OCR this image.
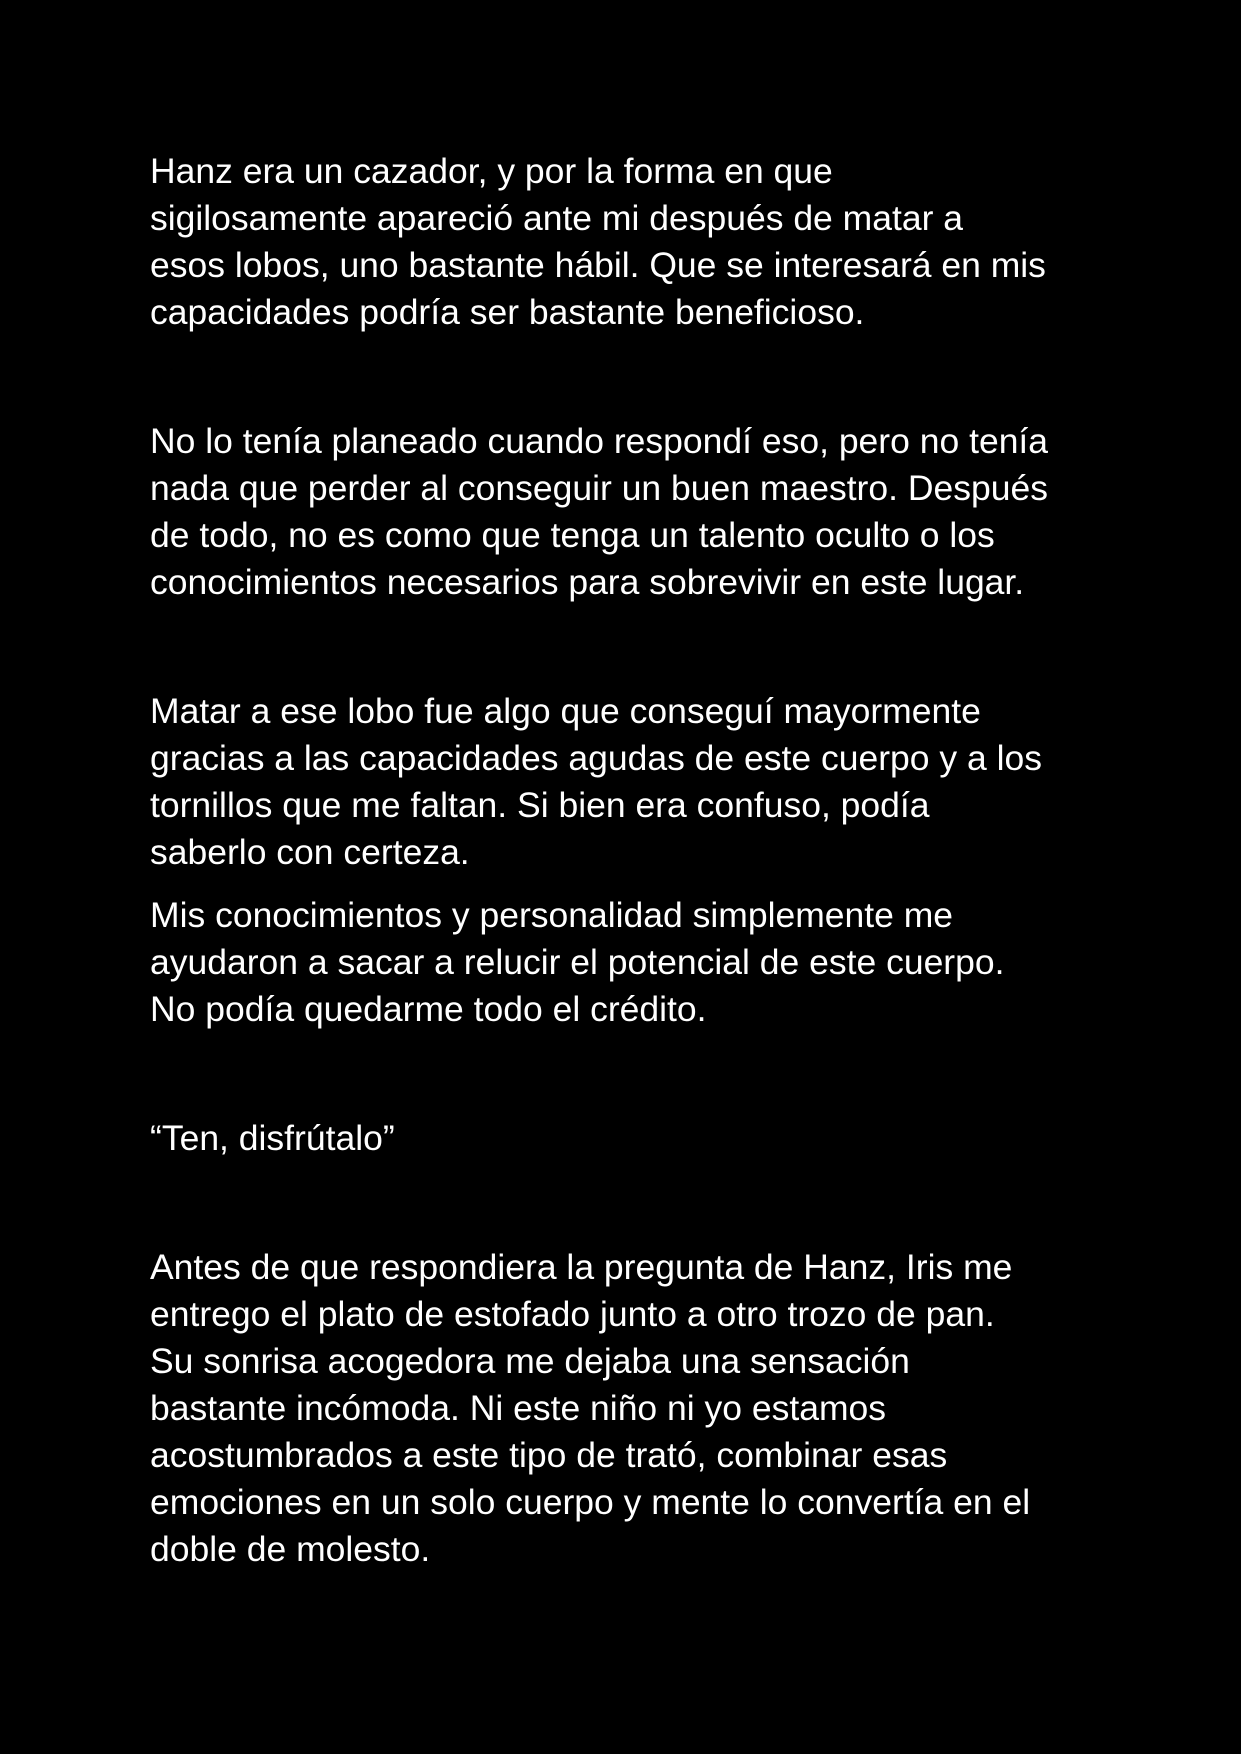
Hanz era un cazador, y por la forma en que
sigilosamente apareció ante mi después de matar a
esos lobos, uno bastante hábil. Que se interesará en mis
capacidades podría ser bastante beneficioso.

No lo tenía planeado cuando respondí eso, pero no tenía
nada que perder al conseguir un buen maestro. Después
de todo, no es como que tenga un talento oculto o los
conocimientos necesarios para sobrevivir en este lugar.

Matar a ese lobo fue algo que conseguí mayormente
gracias a las capacidades agudas de este cuerpo y a los
tornillos que me faltan. Si bien era confuso, podía
saberlo con certeza.

Mis conocimientos y personalidad simplemente me
ayudaron a sacar a relucir el potencial de este cuerpo.
No podía quedarme todo el crédito.

“Ten, disfrútalo”

Antes de que respondiera la pregunta de Hanz, Iris me
entrego el plato de estofado junto a otro trozo de pan.
Su sonrisa acogedora me dejaba una sensación
bastante incómoda. Ni este niño ni yo estamos
acostumbrados a este tipo de trató, combinar esas
emociones en un solo cuerpo y mente lo convertía en el
doble de molesto.
